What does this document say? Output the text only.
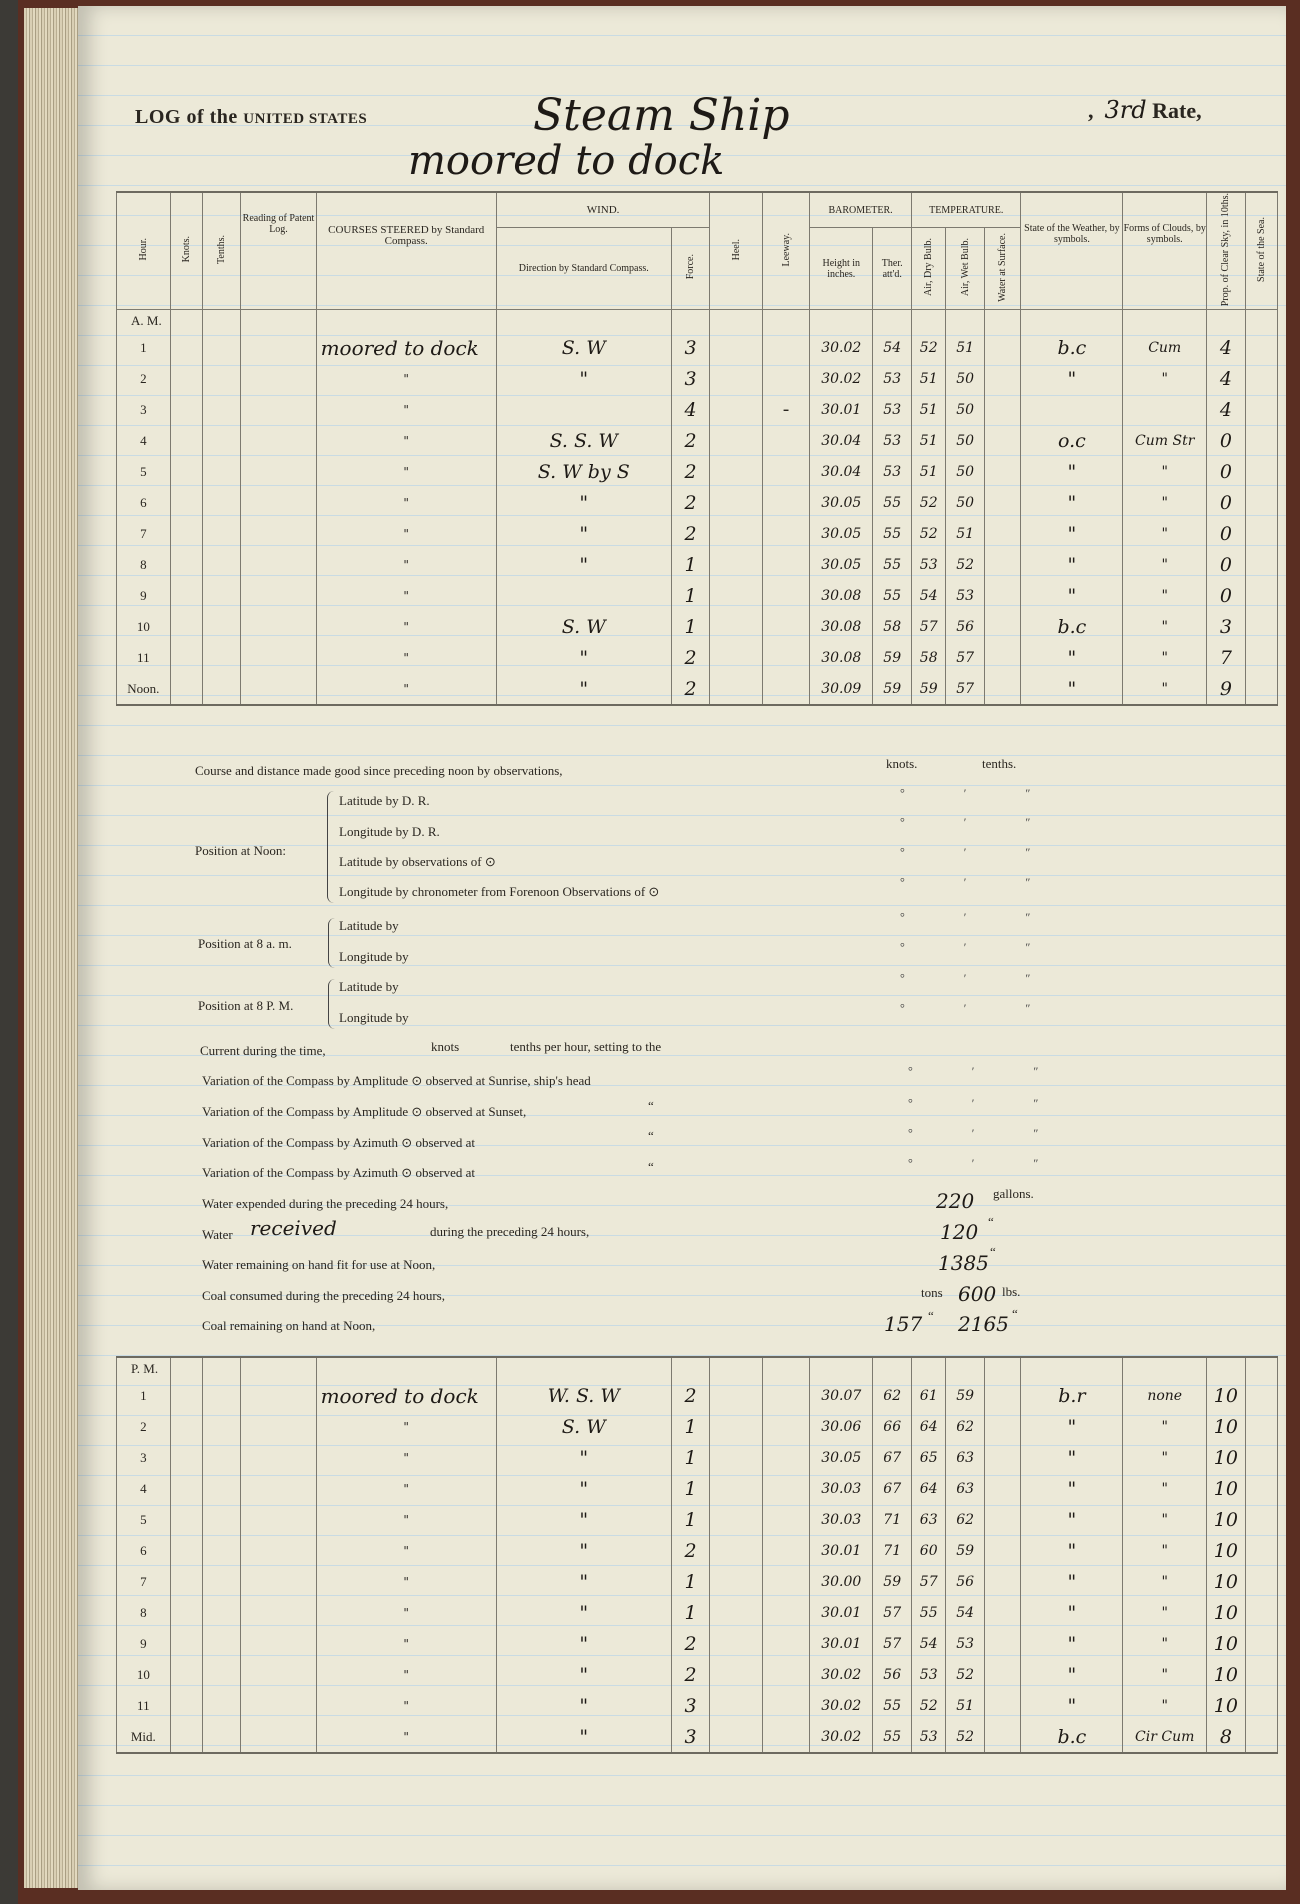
LOG of the UNITED STATES	Steam Ship
moored to dock
, 3rd Rate,
Hour.	Knots.	Tenths.	Reading of Patent Log.	COURSES STEERED by Standard Compass.	WIND.		Heel.	Leeway.	BAROMETER.		TEMPERATURE.			State of the Weather, by symbols.	Forms of Clouds, by symbols.	Prop. of Clear Sky, in 10ths.	State of the Sea.
					Direction by Standard Compass.	Force.			Height in inches.	Ther. att'd.	Air, Dry Bulb.	Air, Wet Bulb.	Water at Surface.				
A. M.																	
1				moored to dock	S. W	3			30.02	54	52	51		b.c	Cum	4	
2				"	"	3			30.02	53	51	50		"	"	4	
3				"		4		-	30.01	53	51	50				4	
4				"	S. S. W	2			30.04	53	51	50		o.c	Cum Str	0	
5				"	S. W by S	2			30.04	53	51	50		"	"	0	
6				"	"	2			30.05	55	52	50		"	"	0	
7				"	"	2			30.05	55	52	51		"	"	0	
8				"	"	1			30.05	55	53	52		"	"	0	
9				"		1			30.08	55	54	53		"	"	0	
10				"	S. W	1			30.08	58	57	56		b.c	"	3	
11				"	"	2			30.08	59	58	57		"	"	7	
Noon.				"	"	2			30.09	59	59	57		"	"	9	
Course and distance made good since preceding noon by observations,	knots.	tenths.
Position at Noon:
Latitude by D. R.
Longitude by D. R.
Latitude by observations of ⊙
Longitude by chronometer from Forenoon Observations of ⊙
Position at 8 a. m.
Latitude by
Longitude by
Position at 8 P. M.
Latitude by
Longitude by
° ′ ″
° ′ ″
° ′ ″
° ′ ″
° ′ ″
° ′ ″
° ′ ″
° ′ ″
Current during the time,	knots	tenths per hour, setting to the
Variation of the Compass by Amplitude ⊙ observed at Sunrise, ship's head
° ′ ″
Variation of the Compass by Amplitude ⊙ observed at Sunset,	“	° ′ ″
Variation of the Compass by Azimuth ⊙ observed at	“	° ′ ″
Variation of the Compass by Azimuth ⊙ observed at	“	° ′ ″
Water expended during the preceding 24 hours,	220 gallons.
Water received	during the preceding 24 hours,	120 “
Water remaining on hand fit for use at Noon,	1385 “
Coal consumed during the preceding 24 hours,	tons 600 lbs.
Coal remaining on hand at Noon,	157 “ 2165 “
P. M.																	
1				moored to dock	W. S. W	2			30.07	62	61	59		b.r	none	10	
2				"	S. W	1			30.06	66	64	62		"	"	10	
3				"	"	1			30.05	67	65	63		"	"	10	
4				"	"	1			30.03	67	64	63		"	"	10	
5				"	"	1			30.03	71	63	62		"	"	10	
6				"	"	2			30.01	71	60	59		"	"	10	
7				"	"	1			30.00	59	57	56		"	"	10	
8				"	"	1			30.01	57	55	54		"	"	10	
9				"	"	2			30.01	57	54	53		"	"	10	
10				"	"	2			30.02	56	53	52		"	"	10	
11				"	"	3			30.02	55	52	51		"	"	10	
Mid.				"	"	3			30.02	55	53	52		b.c	Cir Cum	8	
